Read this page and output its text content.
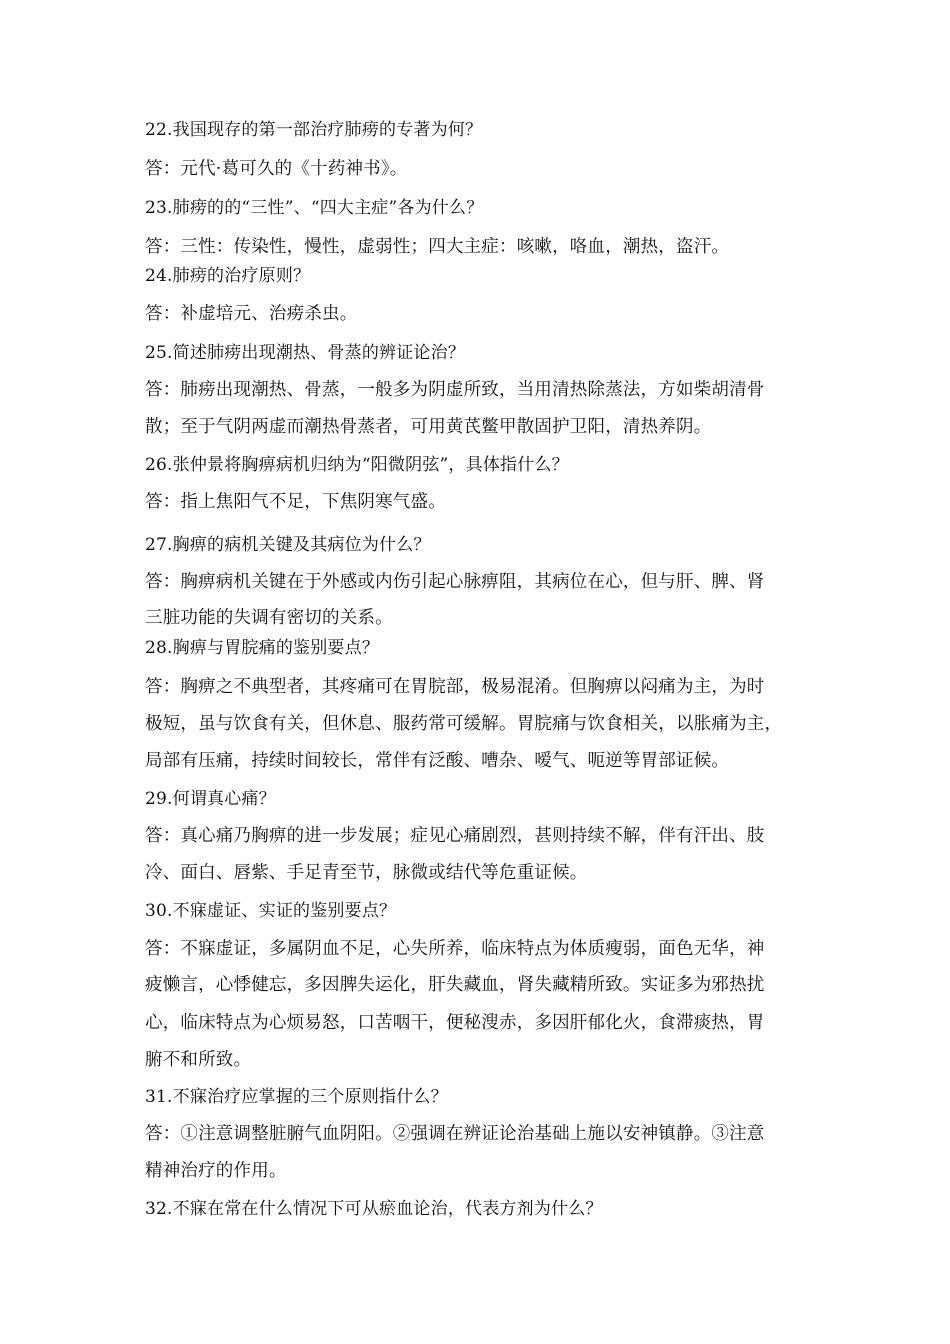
22.我国现存的第一部治疗肺痨的专著为何？
答：元代·葛可久的《十药神书》。
23.肺痨的的“三性”、“四大主症”各为什么？
答：三性：传染性，慢性，虚弱性；四大主症：咳嗽，咯血，潮热，盗汗。
24.肺痨的治疗原则？
答：补虚培元、治痨杀虫。
25.简述肺痨出现潮热、骨蒸的辨证论治？
答：肺痨出现潮热、骨蒸，一般多为阴虚所致，当用清热除蒸法，方如柴胡清骨
散；至于气阴两虚而潮热骨蒸者，可用黄芪鳖甲散固护卫阳，清热养阴。
26.张仲景将胸痹病机归纳为“阳微阴弦”，具体指什么？
答：指上焦阳气不足，下焦阴寒气盛。
27.胸痹的病机关键及其病位为什么？
答：胸痹病机关键在于外感或内伤引起心脉痹阻，其病位在心，但与肝、脾、肾
三脏功能的失调有密切的关系。
28.胸痹与胃脘痛的鉴别要点？
答：胸痹之不典型者，其疼痛可在胃脘部，极易混淆。但胸痹以闷痛为主，为时
极短，虽与饮食有关，但休息、服药常可缓解。胃脘痛与饮食相关，以胀痛为主，
局部有压痛，持续时间较长，常伴有泛酸、嘈杂、嗳气、呃逆等胃部证候。
29.何谓真心痛？
答：真心痛乃胸痹的进一步发展；症见心痛剧烈，甚则持续不解，伴有汗出、肢
冷、面白、唇紫、手足青至节，脉微或结代等危重证候。
30.不寐虚证、实证的鉴别要点？
答：不寐虚证，多属阴血不足，心失所养，临床特点为体质瘦弱，面色无华，神
疲懒言，心悸健忘，多因脾失运化，肝失藏血，肾失藏精所致。实证多为邪热扰
心，临床特点为心烦易怒，口苦咽干，便秘溲赤，多因肝郁化火，食滞痰热，胃
腑不和所致。
31.不寐治疗应掌握的三个原则指什么？
答：①注意调整脏腑气血阴阳。②强调在辨证论治基础上施以安神镇静。③注意
精神治疗的作用。
32.不寐在常在什么情况下可从瘀血论治，代表方剂为什么？
